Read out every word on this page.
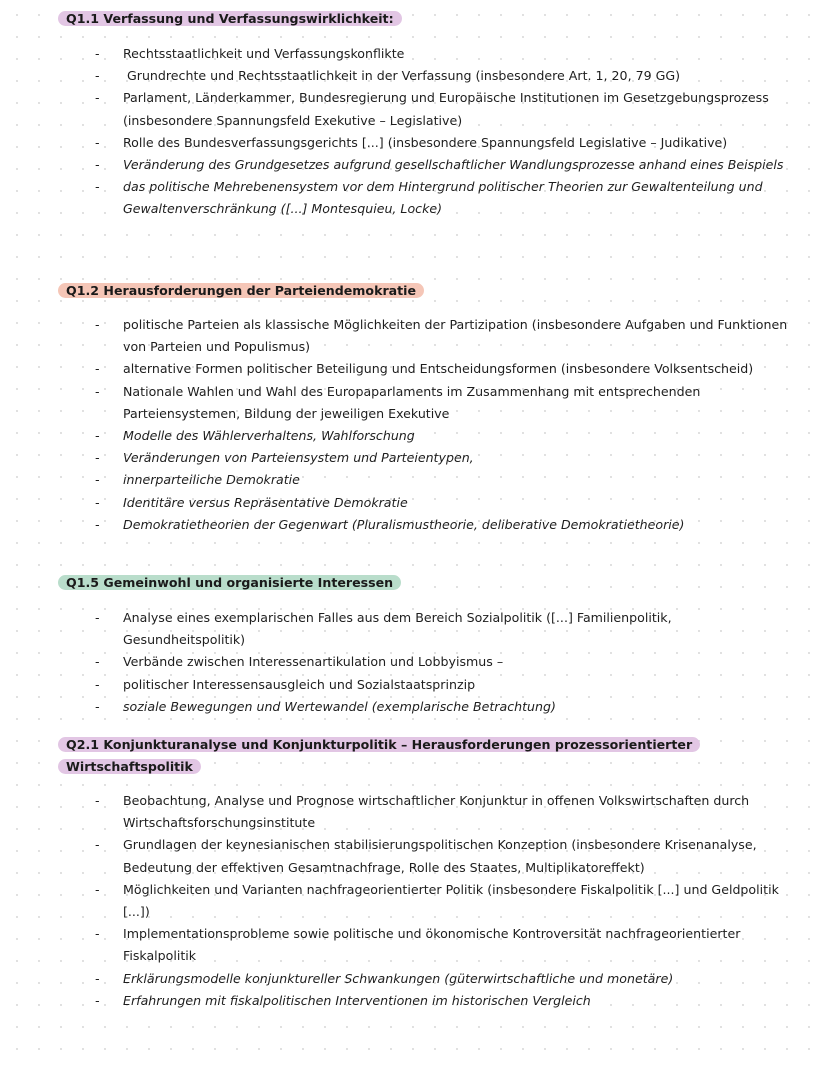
Q1.1 Verfassung und Verfassungswirklichkeit:
- Rechtsstaatlichkeit und Verfassungskonflikte
-  Grundrechte und Rechtsstaatlichkeit in der Verfassung (insbesondere Art. 1, 20, 79 GG)
- Parlament, Länderkammer, Bundesregierung und Europäische Institutionen im Gesetzgebungsprozess (insbesondere Spannungsfeld Exekutive – Legislative)
- Rolle des Bundesverfassungsgerichts [...] (insbesondere Spannungsfeld Legislative – Judikative)
- Veränderung des Grundgesetzes aufgrund gesellschaftlicher Wandlungsprozesse anhand eines Beispiels
- das politische Mehrebenensystem vor dem Hintergrund politischer Theorien zur Gewaltenteilung und Gewaltenverschränkung ([...] Montesquieu, Locke)
Q1.2 Herausforderungen der Parteiendemokratie
- politische Parteien als klassische Möglichkeiten der Partizipation (insbesondere Aufgaben und Funktionen von Parteien und Populismus)
- alternative Formen politischer Beteiligung und Entscheidungsformen (insbesondere Volksentscheid)
- Nationale Wahlen und Wahl des Europaparlaments im Zusammenhang mit entsprechenden Parteiensystemen, Bildung der jeweiligen Exekutive
- Modelle des Wählerverhaltens, Wahlforschung
- Veränderungen von Parteiensystem und Parteientypen,
- innerparteiliche Demokratie
- Identitäre versus Repräsentative Demokratie
- Demokratietheorien der Gegenwart (Pluralismustheorie, deliberative Demokratietheorie)
Q1.5 Gemeinwohl und organisierte Interessen
- Analyse eines exemplarischen Falles aus dem Bereich Sozialpolitik ([...] Familienpolitik, Gesundheitspolitik)
- Verbände zwischen Interessenartikulation und Lobbyismus –
- politischer Interessensausgleich und Sozialstaatsprinzip
- soziale Bewegungen und Wertewandel (exemplarische Betrachtung)
Q2.1 Konjunkturanalyse und Konjunkturpolitik – Herausforderungen prozessorientierter
Wirtschaftspolitik
- Beobachtung, Analyse und Prognose wirtschaftlicher Konjunktur in offenen Volkswirtschaften durch Wirtschaftsforschungsinstitute
- Grundlagen der keynesianischen stabilisierungspolitischen Konzeption (insbesondere Krisenanalyse, Bedeutung der effektiven Gesamtnachfrage, Rolle des Staates, Multiplikatoreffekt)
- Möglichkeiten und Varianten nachfrageorientierter Politik (insbesondere Fiskalpolitik [...] und Geldpolitik [...])
- Implementationsprobleme sowie politische und ökonomische Kontroversität nachfrageorientierter Fiskalpolitik
- Erklärungsmodelle konjunktureller Schwankungen (güterwirtschaftliche und monetäre)
- Erfahrungen mit fiskalpolitischen Interventionen im historischen Vergleich
